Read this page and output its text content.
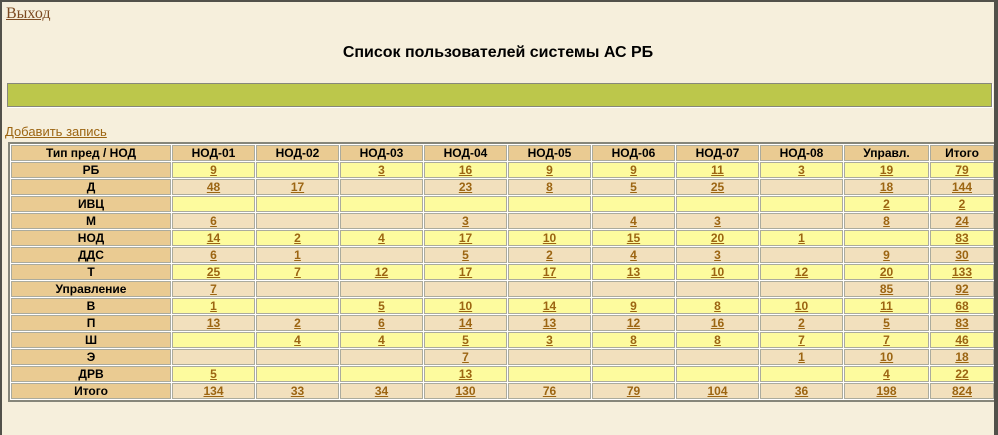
Выход
Список пользователей системы АС РБ
Добавить запись
Тип пред / НОД	НОД-01	НОД-02	НОД-03	НОД-04	НОД-05	НОД-06	НОД-07	НОД-08	Управл.	Итого
РБ	9		3	16	9	9	11	3	19	79
Д	48	17		23	8	5	25		18	144
ИВЦ									2	2
М	6			3		4	3		8	24
НОД	14	2	4	17	10	15	20	1		83
ДДС	6	1		5	2	4	3		9	30
Т	25	7	12	17	17	13	10	12	20	133
Управление	7								85	92
В	1		5	10	14	9	8	10	11	68
П	13	2	6	14	13	12	16	2	5	83
Ш		4	4	5	3	8	8	7	7	46
Э				7				1	10	18
ДРВ	5			13					4	22
Итого	134	33	34	130	76	79	104	36	198	824
